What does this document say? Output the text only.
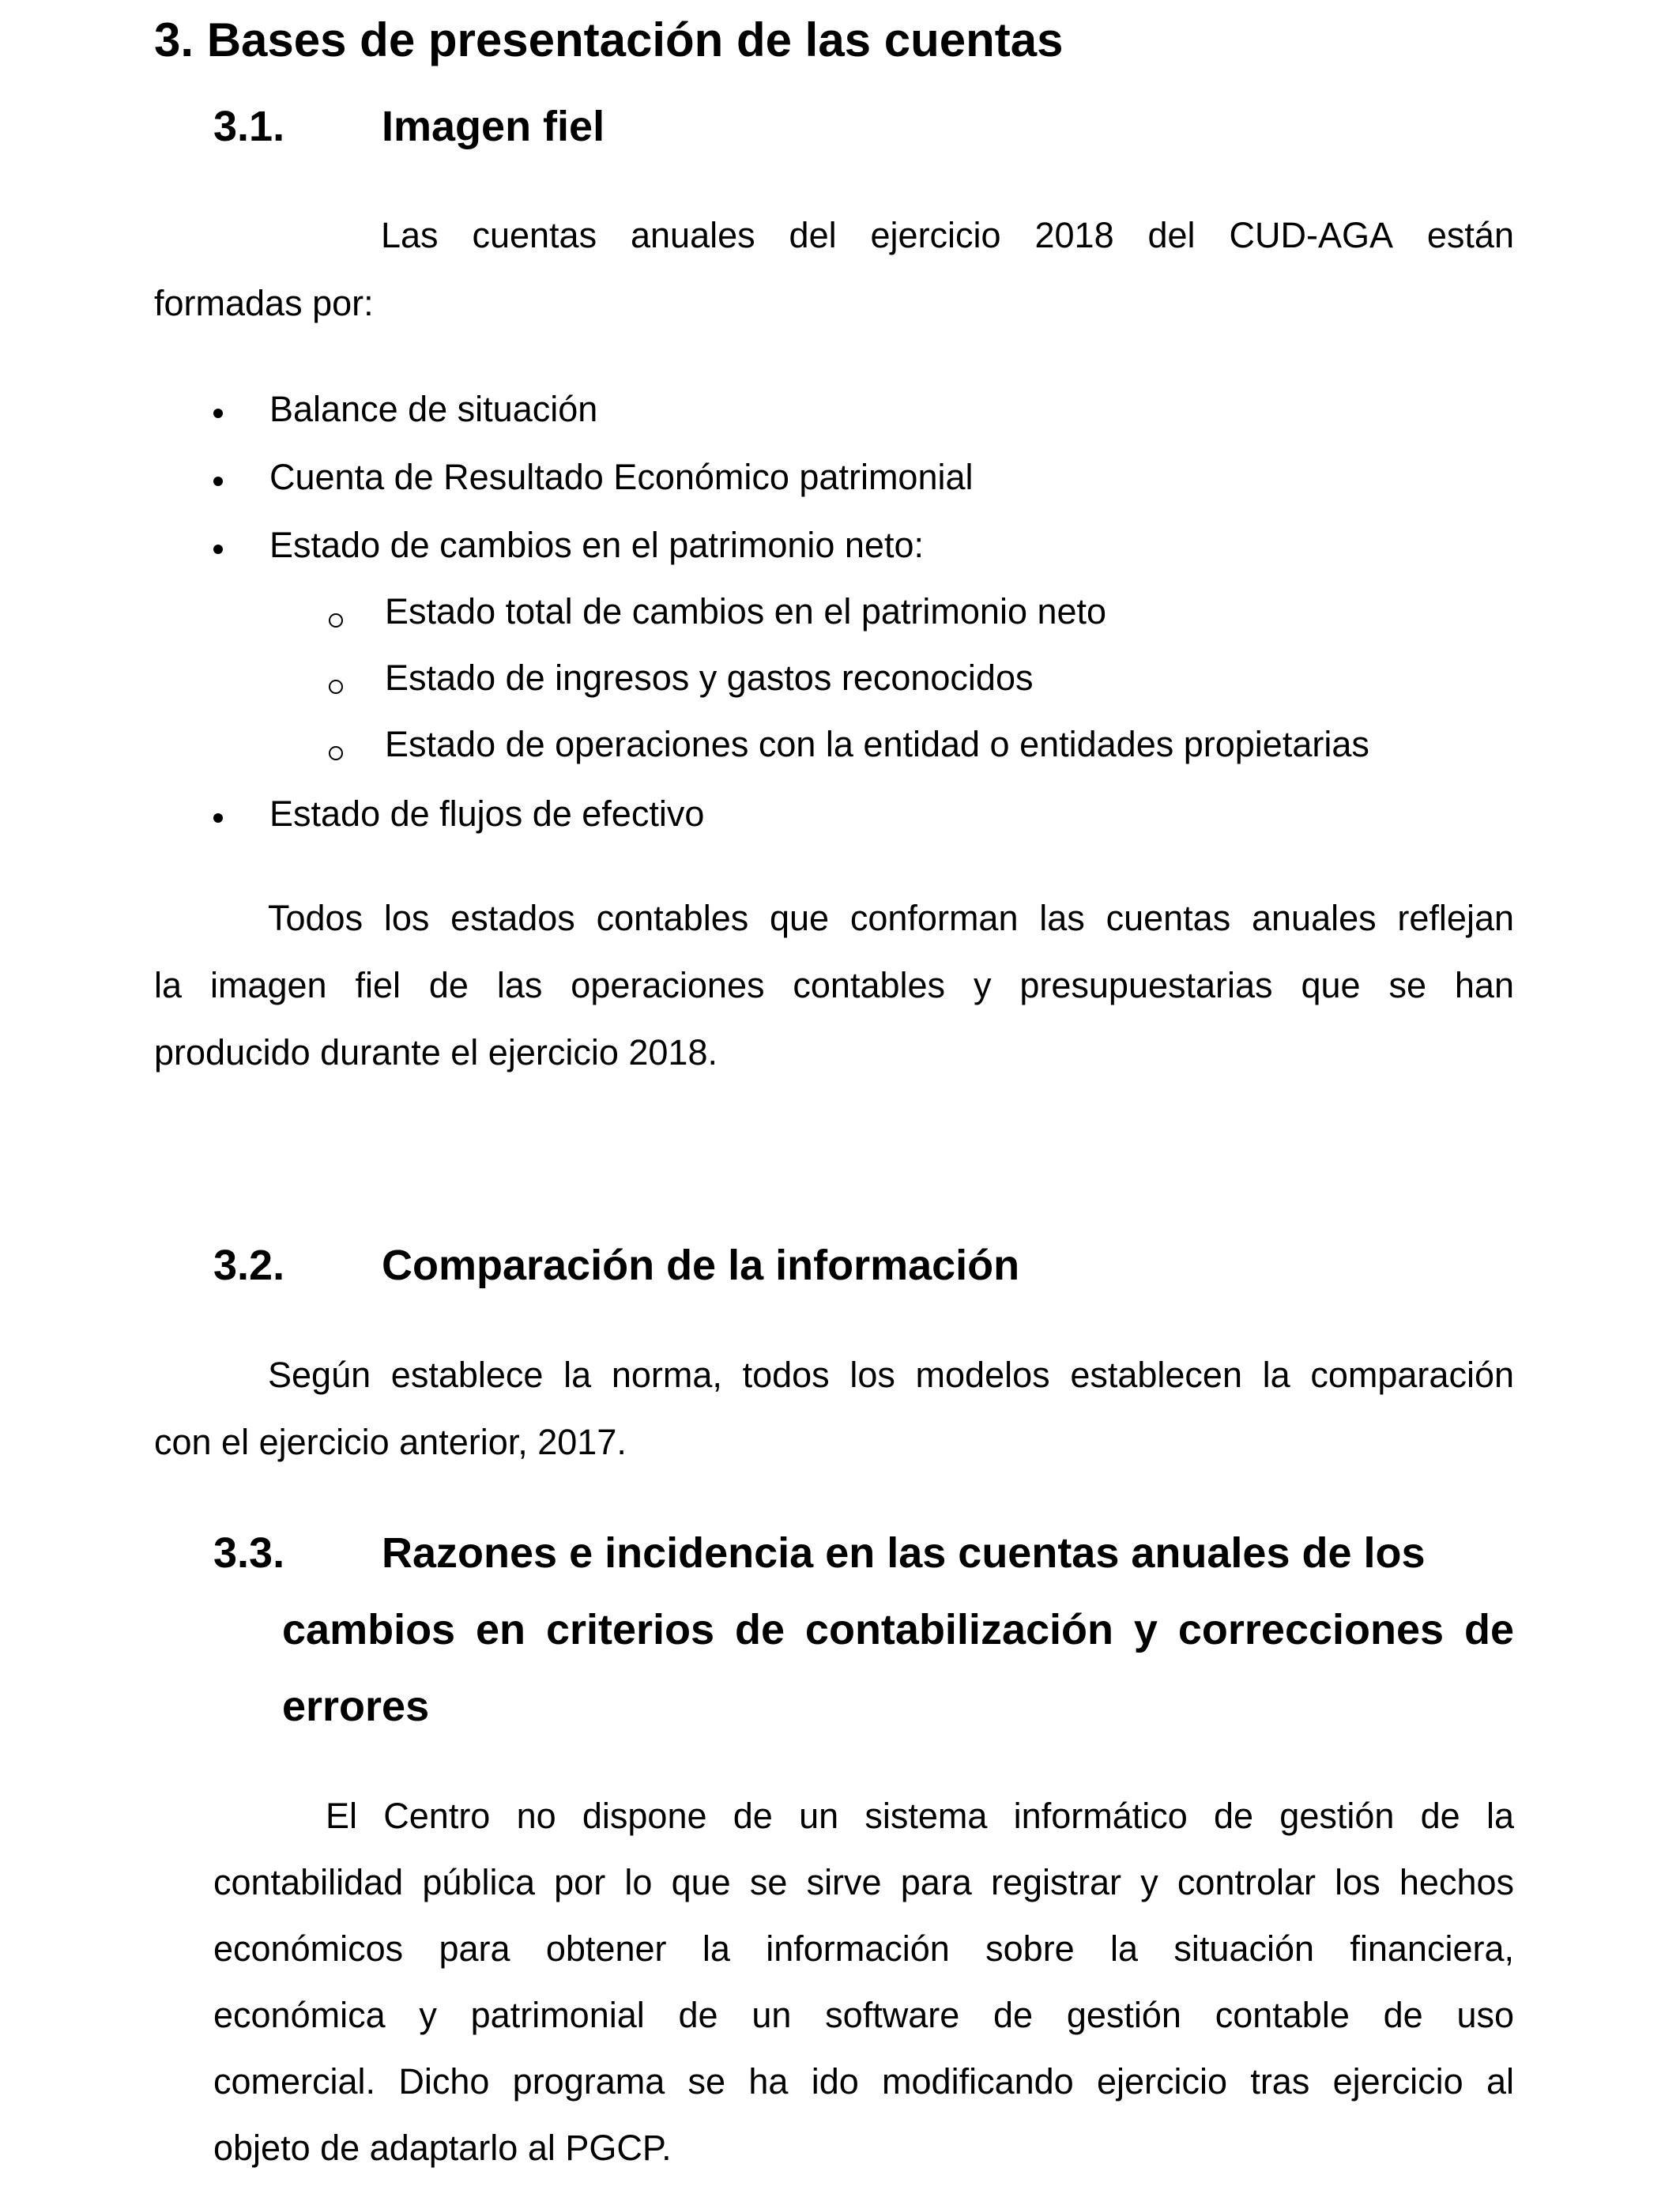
3. Bases de presentación de las cuentas
3.1. Imagen fiel
Las cuentas anuales del ejercicio 2018 del CUD-AGA están
formadas por:
Balance de situación
Cuenta de Resultado Económico patrimonial
Estado de cambios en el patrimonio neto:
Estado total de cambios en el patrimonio neto
Estado de ingresos y gastos reconocidos
Estado de operaciones con la entidad o entidades propietarias
Estado de flujos de efectivo
Todos los estados contables que conforman las cuentas anuales reflejan
la imagen fiel de las operaciones contables y presupuestarias que se han
producido durante el ejercicio 2018.
3.2. Comparación de la información
Según establece la norma, todos los modelos establecen la comparación
con el ejercicio anterior, 2017.
3.3. Razones e incidencia en las cuentas anuales de los
cambios en criterios de contabilización y correcciones de
errores
El Centro no dispone de un sistema informático de gestión de la
contabilidad pública por lo que se sirve para registrar y controlar los hechos
económicos para obtener la información sobre la situación financiera,
económica y patrimonial de un software de gestión contable de uso
comercial. Dicho programa se ha ido modificando ejercicio tras ejercicio al
objeto de adaptarlo al PGCP.
